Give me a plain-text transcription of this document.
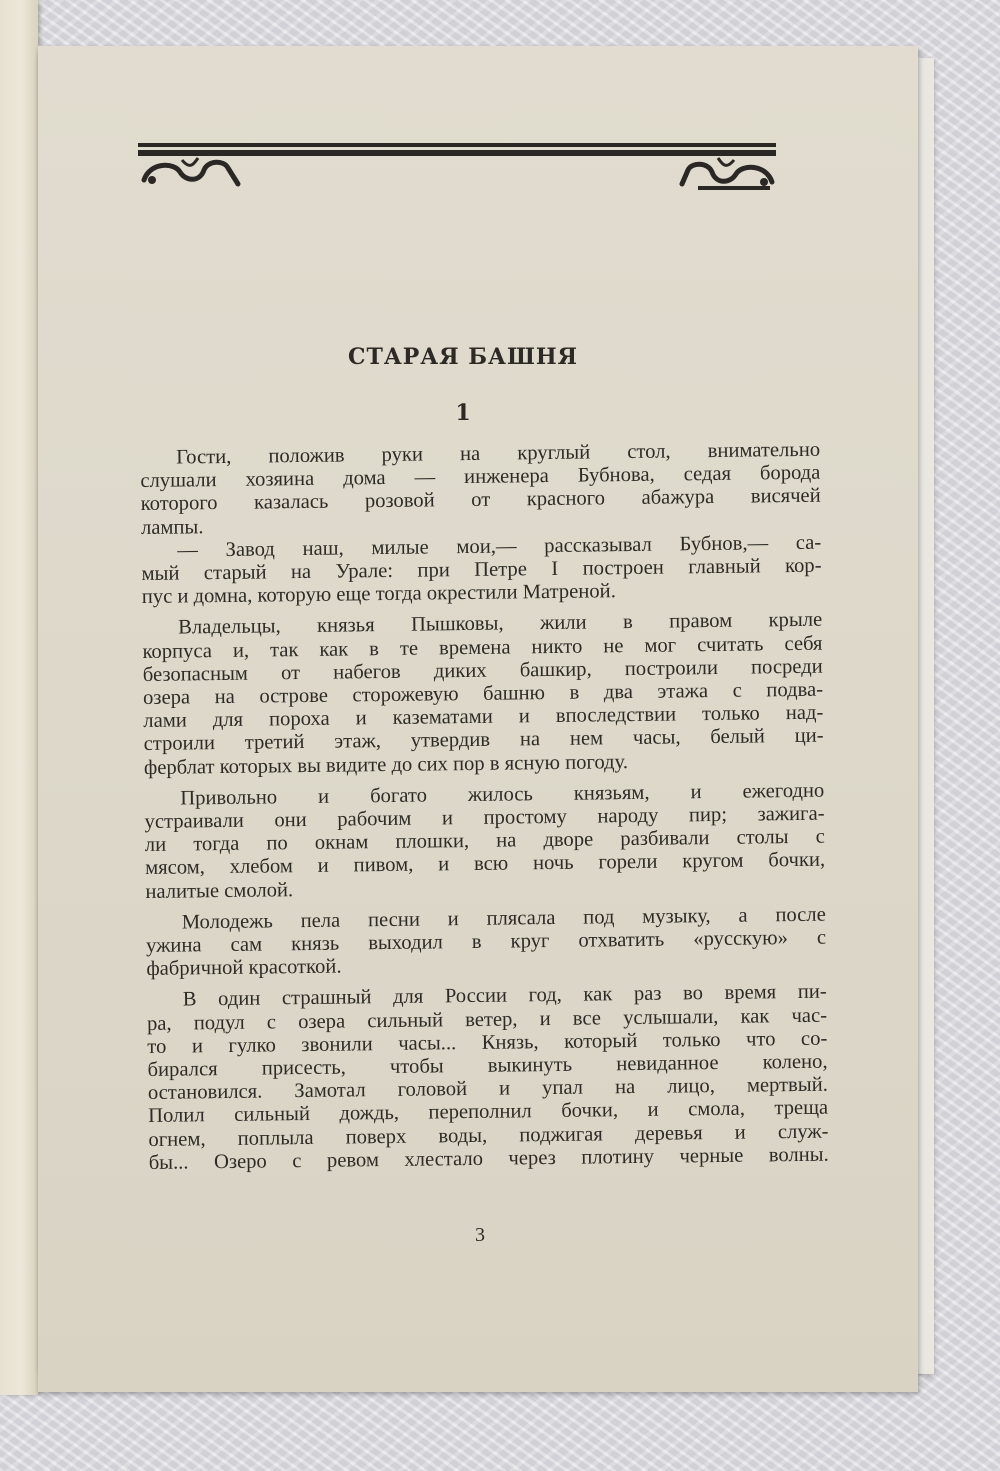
СТАРАЯ БАШНЯ
1
Гости, положив руки на круглый стол, внимательно
слушали хозяина дома — инженера Бубнова, седая борода
которого казалась розовой от красного абажура висячей
лампы.
— Завод наш, милые мои,— рассказывал Бубнов,— са-
мый старый на Урале: при Петре I построен главный кор-
пус и домна, которую еще тогда окрестили Матреной.
Владельцы, князья Пышковы, жили в правом крыле
корпуса и, так как в те времена никто не мог считать себя
безопасным от набегов диких башкир, построили посреди
озера на острове сторожевую башню в два этажа с подва-
лами для пороха и казематами и впоследствии только над-
строили третий этаж, утвердив на нем часы, белый ци-
ферблат которых вы видите до сих пор в ясную погоду.
Привольно и богато жилось князьям, и ежегодно
устраивали они рабочим и простому народу пир; зажига-
ли тогда по окнам плошки, на дворе разбивали столы с
мясом, хлебом и пивом, и всю ночь горели кругом бочки,
налитые смолой.
Молодежь пела песни и плясала под музыку, а после
ужина сам князь выходил в круг отхватить «русскую» с
фабричной красоткой.
В один страшный для России год, как раз во время пи-
ра, подул с озера сильный ветер, и все услышали, как час-
то и гулко звонили часы... Князь, который только что со-
бирался присесть, чтобы выкинуть невиданное колено,
остановился. Замотал головой и упал на лицо, мертвый.
Полил сильный дождь, переполнил бочки, и смола, треща
огнем, поплыла поверх воды, поджигая деревья и служ-
бы... Озеро с ревом хлестало через плотину черные волны.
3
